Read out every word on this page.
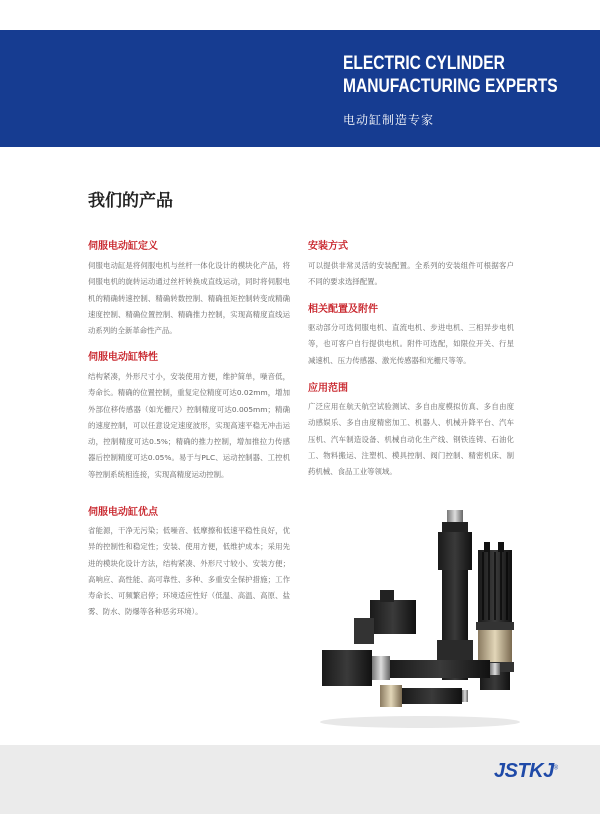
ELECTRIC CYLINDER
MANUFACTURING EXPERTS
电动缸制造专家
我们的产品
伺服电动缸定义
伺服电动缸是将伺服电机与丝杆一体化设计的模块化产品，将伺服电机的旋转运动通过丝杆转换成直线运动，同时将伺服电机的精确转速控制、精确转数控制、精确扭矩控制转变成精确速度控制、精确位置控制、精确推力控制，实现高精度直线运动系列的全新革命性产品。
伺服电动缸特性
结构紧凑，外形尺寸小，安装使用方便，维护简单，噪音低，寿命长。精确的位置控制，重复定位精度可达0.02mm，增加外部位移传感器（如光栅尺）控制精度可达0.005mm；精确的速度控制，可以任意设定速度波形，实现高速平稳无冲击运动，控制精度可达0.5%；精确的推力控制，增加推拉力传感器后控制精度可达0.05%。易于与PLC、运动控制器、工控机等控制系统相连接，实现高精度运动控制。
伺服电动缸优点
省能源，干净无污染；低噪音、低摩擦和低速平稳性良好，优异的控制性和稳定性；安装、使用方便，低维护成本；采用先进的模块化设计方法，结构紧凑、外形尺寸较小、安装方便；高响应、高性能、高可靠性、多种、多重安全保护措施；工作寿命长、可频繁启停；环境适应性好（低温、高温、高原、盐雾、防水、防爆等各种恶劣环境）。
安装方式
可以提供非常灵活的安装配置。全系列的安装组件可根据客户不同的要求选择配置。
相关配置及附件
驱动部分可选伺服电机、直流电机、步进电机、三相异步电机等，也可客户自行提供电机。附件可选配，如限位开关、行星减速机、压力传感器、激光传感器和光栅尺等等。
应用范围
广泛应用在航天航空试验测试、多自由度模拟仿真、多自由度动感娱乐、多自由度精密加工、机器人、机械升降平台、汽车压机、汽车制造设备、机械自动化生产线、钢铁连铸、石油化工、物料搬运、注塑机、模具控制、阀门控制、精密机床、制药机械、食品工业等领域。
JSTKJ®
